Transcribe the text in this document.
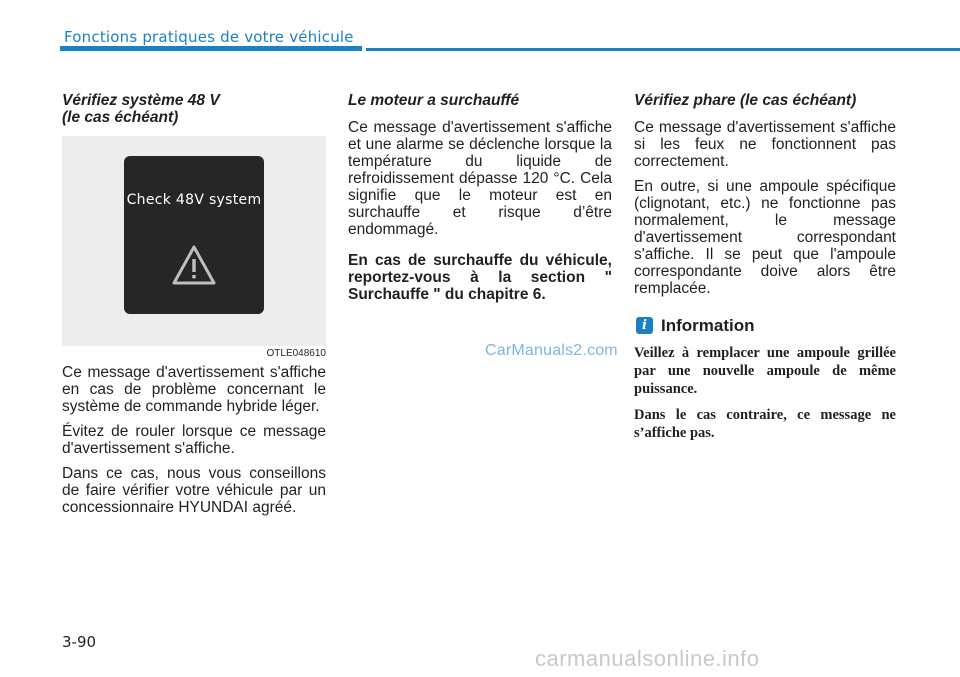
Fonctions pratiques de votre véhicule
Vérifiez système 48 V
(le cas échéant)
Check 48V system
OTLE048610

Ce message d'avertissement s'affiche en cas de problème concernant le système de commande hybride léger.

Évitez de rouler lorsque ce message d'avertissement s'affiche.

Dans ce cas, nous vous conseillons de faire vérifier votre véhicule par un concessionnaire HYUNDAI agréé.

Le moteur a surchauffé

Ce message d'avertissement s'affiche et une alarme se déclenche lorsque la température du liquide de refroidissement dépasse 120 °C. Cela signifie que le moteur est en surchauffe et risque d’être endommagé.

En cas de surchauffe du véhicule, reportez-vous à la section " Surchauffe " du chapitre 6.

Vérifiez phare (le cas échéant)

Ce message d'avertissement s'affiche si les feux ne fonctionnent pas correctement.

En outre, si une ampoule spécifique (clignotant, etc.) ne fonctionne pas normalement, le message d'avertissement correspondant s'affiche. Il se peut que l'ampoule correspondante doive alors être remplacée.

i Information

Veillez à remplacer une ampoule grillée par une nouvelle ampoule de même puissance.

Dans le cas contraire, ce message ne s’affiche pas.

CarManuals2.com
3-90
carmanualsonline.info
